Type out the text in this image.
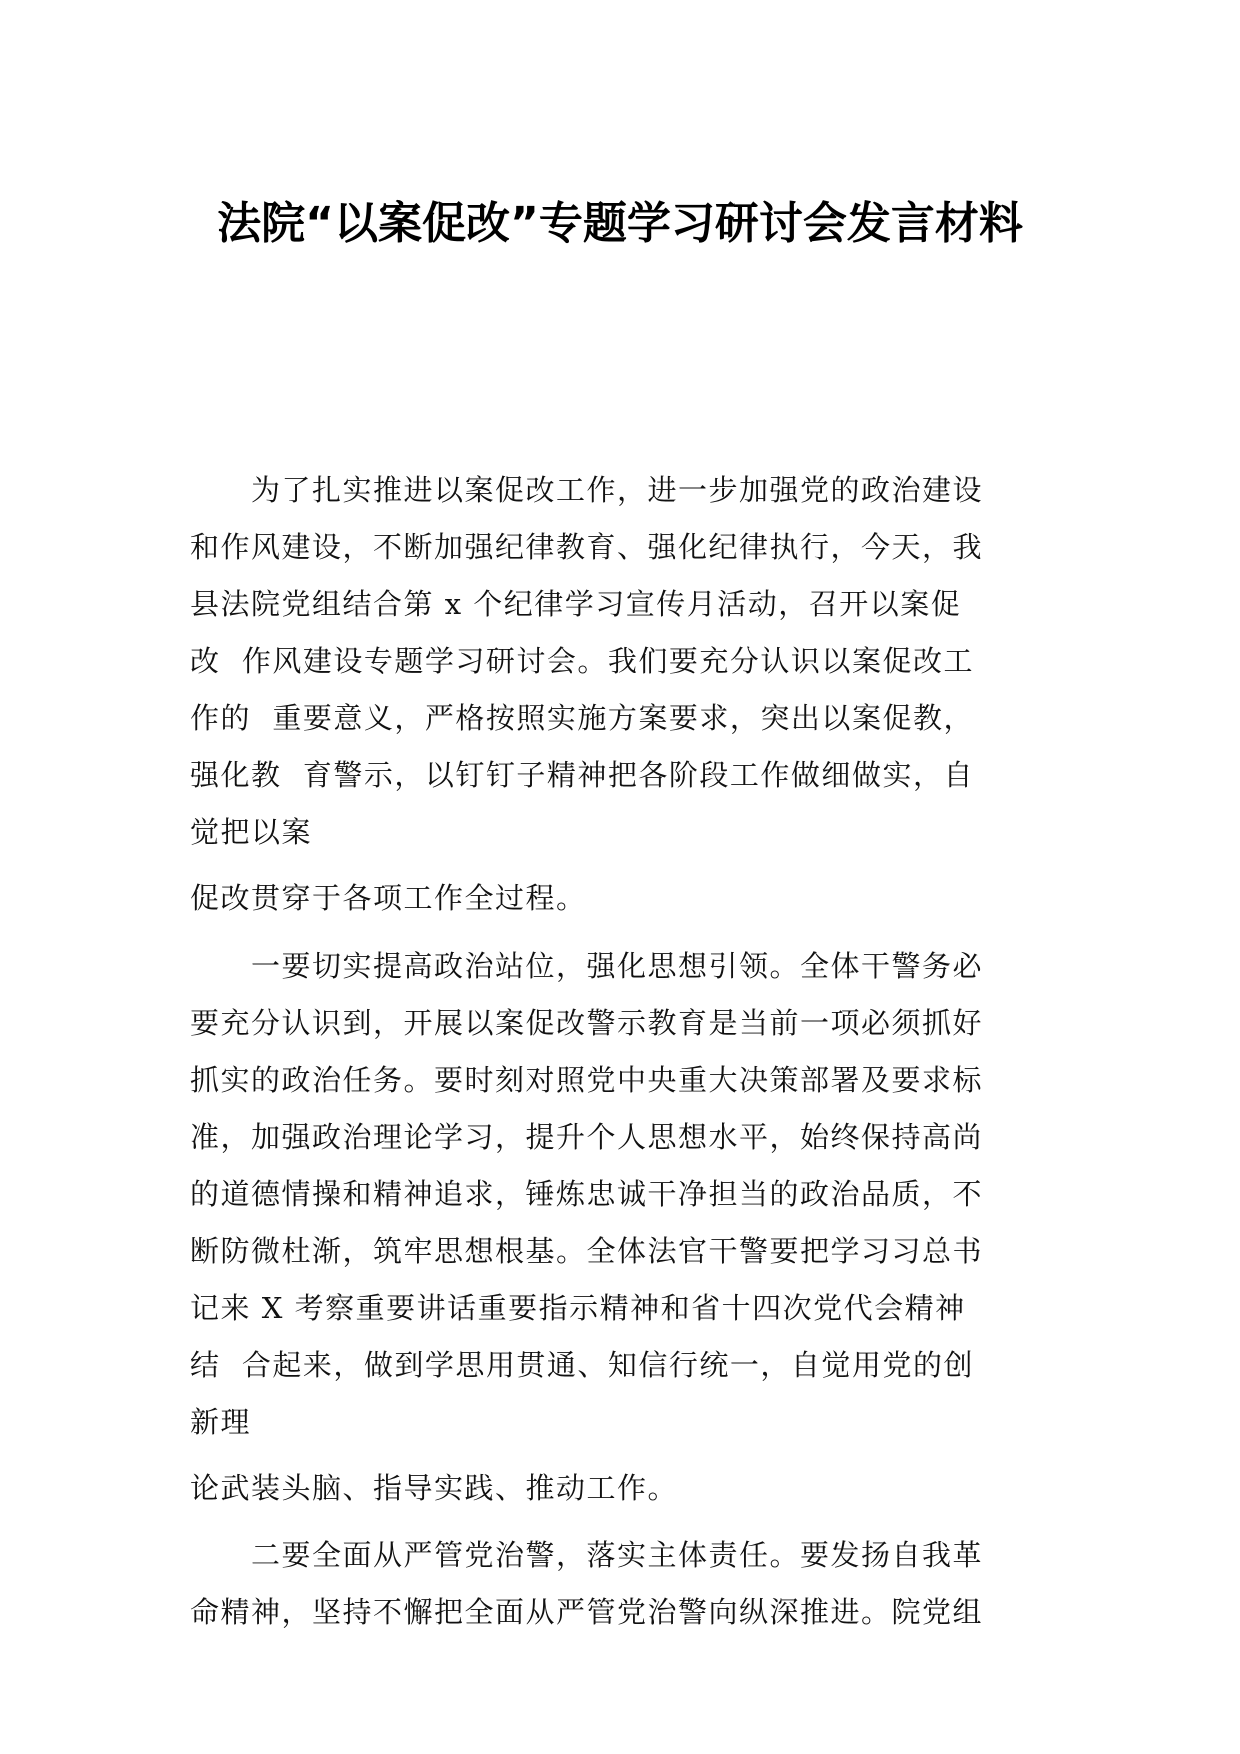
法院“以案促改”专题学习研讨会发言材料
　　为了扎实推进以案促改工作，进一步加强党的政治建设
和作风建设，不断加强纪律教育、强化纪律执行，今天，我
县法院党组结合第 x 个纪律学习宣传月活动，召开以案促
改  作风建设专题学习研讨会。我们要充分认识以案促改工
作的  重要意义，严格按照实施方案要求，突出以案促教，
强化教  育警示，以钉钉子精神把各阶段工作做细做实，自
觉把以案
促改贯穿于各项工作全过程。
　　一要切实提高政治站位，强化思想引领。全体干警务必
要充分认识到，开展以案促改警示教育是当前一项必须抓好
抓实的政治任务。要时刻对照党中央重大决策部署及要求标
准，加强政治理论学习，提升个人思想水平，始终保持高尚
的道德情操和精神追求，锤炼忠诚干净担当的政治品质，不
断防微杜渐，筑牢思想根基。全体法官干警要把学习习总书
记来 X 考察重要讲话重要指示精神和省十四次党代会精神
结  合起来，做到学思用贯通、知信行统一，自觉用党的创
新理
论武装头脑、指导实践、推动工作。
　　二要全面从严管党治警，落实主体责任。要发扬自我革
命精神，坚持不懈把全面从严管党治警向纵深推进。院党组
